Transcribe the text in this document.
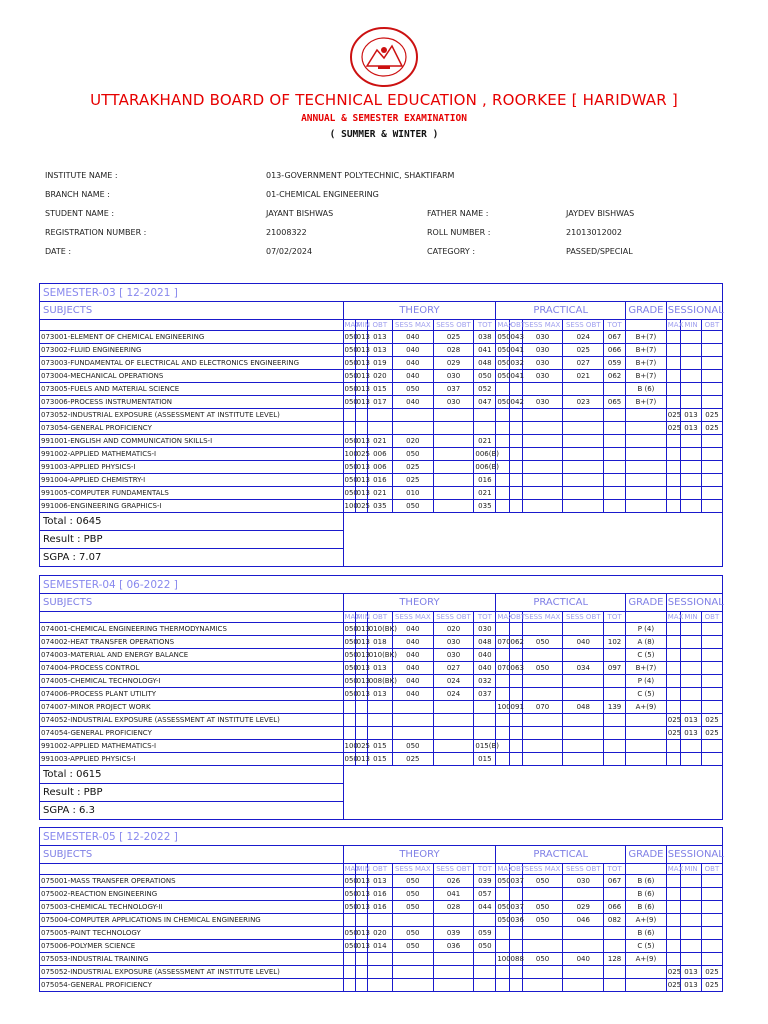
UTTARAKHAND BOARD OF TECHNICAL EDUCATION , ROORKEE [ HARIDWAR ]
ANNUAL & SEMESTER EXAMINATION
( SUMMER & WINTER )
INSTITUTE NAME :	013-GOVERNMENT POLYTECHNIC, SHAKTIFARM
BRANCH NAME :	01-CHEMICAL ENGINEERING
STUDENT NAME :	JAYANT BISHWAS	FATHER NAME :	JAYDEV BISHWAS
REGISTRATION NUMBER :	21008322	ROLL NUMBER :	21013012002
DATE :	07/02/2024	CATEGORY :	PASSED/SPECIAL
SEMESTER-03 [ 12-2021 ]															
SUBJECTS	THEORY						PRACTICAL					GRADE	SESSIONAL		
	MAX	MIN	OBT	SESS MAX	SESS OBT	TOT	MAX	OBT	SESS MAX	SESS OBT	TOT		MAX	MIN	OBT
073001-ELEMENT OF CHEMICAL ENGINEERING	050	013	013	040	025	038	050	043	030	024	067	B+(7)			
073002-FLUID ENGINEERING	050	013	013	040	028	041	050	041	030	025	066	B+(7)			
073003-FUNDAMENTAL OF ELECTRICAL AND ELECTRONICS ENGINEERING	050	013	019	040	029	048	050	032	030	027	059	B+(7)			
073004-MECHANICAL OPERATIONS	050	013	020	040	030	050	050	041	030	021	062	B+(7)			
073005-FUELS AND MATERIAL SCIENCE	050	013	015	050	037	052						B (6)			
073006-PROCESS INSTRUMENTATION	050	013	017	040	030	047	050	042	030	023	065	B+(7)			
073052-INDUSTRIAL EXPOSURE (ASSESSMENT AT INSTITUTE LEVEL)													025	013	025
073054-GENERAL PROFICIENCY													025	013	025
991001-ENGLISH AND COMMUNICATION SKILLS-I	050	013	021	020		021									
991002-APPLIED MATHEMATICS-I	100	025	006	050		006(B)									
991003-APPLIED PHYSICS-I	050	013	006	025		006(B)									
991004-APPLIED CHEMISTRY-I	050	013	016	025		016									
991005-COMPUTER FUNDAMENTALS	050	013	021	010		021									
991006-ENGINEERING GRAPHICS-I	100	025	035	050		035									
Total : 0645															
Result : PBP															
SGPA : 7.07															
SEMESTER-04 [ 06-2022 ]															
SUBJECTS	THEORY						PRACTICAL					GRADE	SESSIONAL		
	MAX	MIN	OBT	SESS MAX	SESS OBT	TOT	MAX	OBT	SESS MAX	SESS OBT	TOT		MAX	MIN	OBT
074001-CHEMICAL ENGINEERING THERMODYNAMICS	050	013	010(BK)	040	020	030						P (4)			
074002-HEAT TRANSFER OPERATIONS	050	013	018	040	030	048	070	062	050	040	102	A (8)			
074003-MATERIAL AND ENERGY BALANCE	050	013	010(BK)	040	030	040						C (5)			
074004-PROCESS CONTROL	050	013	013	040	027	040	070	063	050	034	097	B+(7)			
074005-CHEMICAL TECHNOLOGY-I	050	013	008(BK)	040	024	032						P (4)			
074006-PROCESS PLANT UTILITY	050	013	013	040	024	037						C (5)			
074007-MINOR PROJECT WORK							100	091	070	048	139	A+(9)			
074052-INDUSTRIAL EXPOSURE (ASSESSMENT AT INSTITUTE LEVEL)													025	013	025
074054-GENERAL PROFICIENCY													025	013	025
991002-APPLIED MATHEMATICS-I	100	025	015	050		015(B)									
991003-APPLIED PHYSICS-I	050	013	015	025		015									
Total : 0615															
Result : PBP															
SGPA : 6.3															
SEMESTER-05 [ 12-2022 ]															
SUBJECTS	THEORY						PRACTICAL					GRADE	SESSIONAL		
	MAX	MIN	OBT	SESS MAX	SESS OBT	TOT	MAX	OBT	SESS MAX	SESS OBT	TOT		MAX	MIN	OBT
075001-MASS TRANSFER OPERATIONS	050	013	013	050	026	039	050	037	050	030	067	B (6)			
075002-REACTION ENGINEERING	050	013	016	050	041	057						B (6)			
075003-CHEMICAL TECHNOLOGY-II	050	013	016	050	028	044	050	037	050	029	066	B (6)			
075004-COMPUTER APPLICATIONS IN CHEMICAL ENGINEERING							050	036	050	046	082	A+(9)			
075005-PAINT TECHNOLOGY	050	013	020	050	039	059						B (6)			
075006-POLYMER SCIENCE	050	013	014	050	036	050						C (5)			
075053-INDUSTRIAL TRAINING							100	088	050	040	128	A+(9)			
075052-INDUSTRIAL EXPOSURE (ASSESSMENT AT INSTITUTE LEVEL)													025	013	025
075054-GENERAL PROFICIENCY													025	013	025
